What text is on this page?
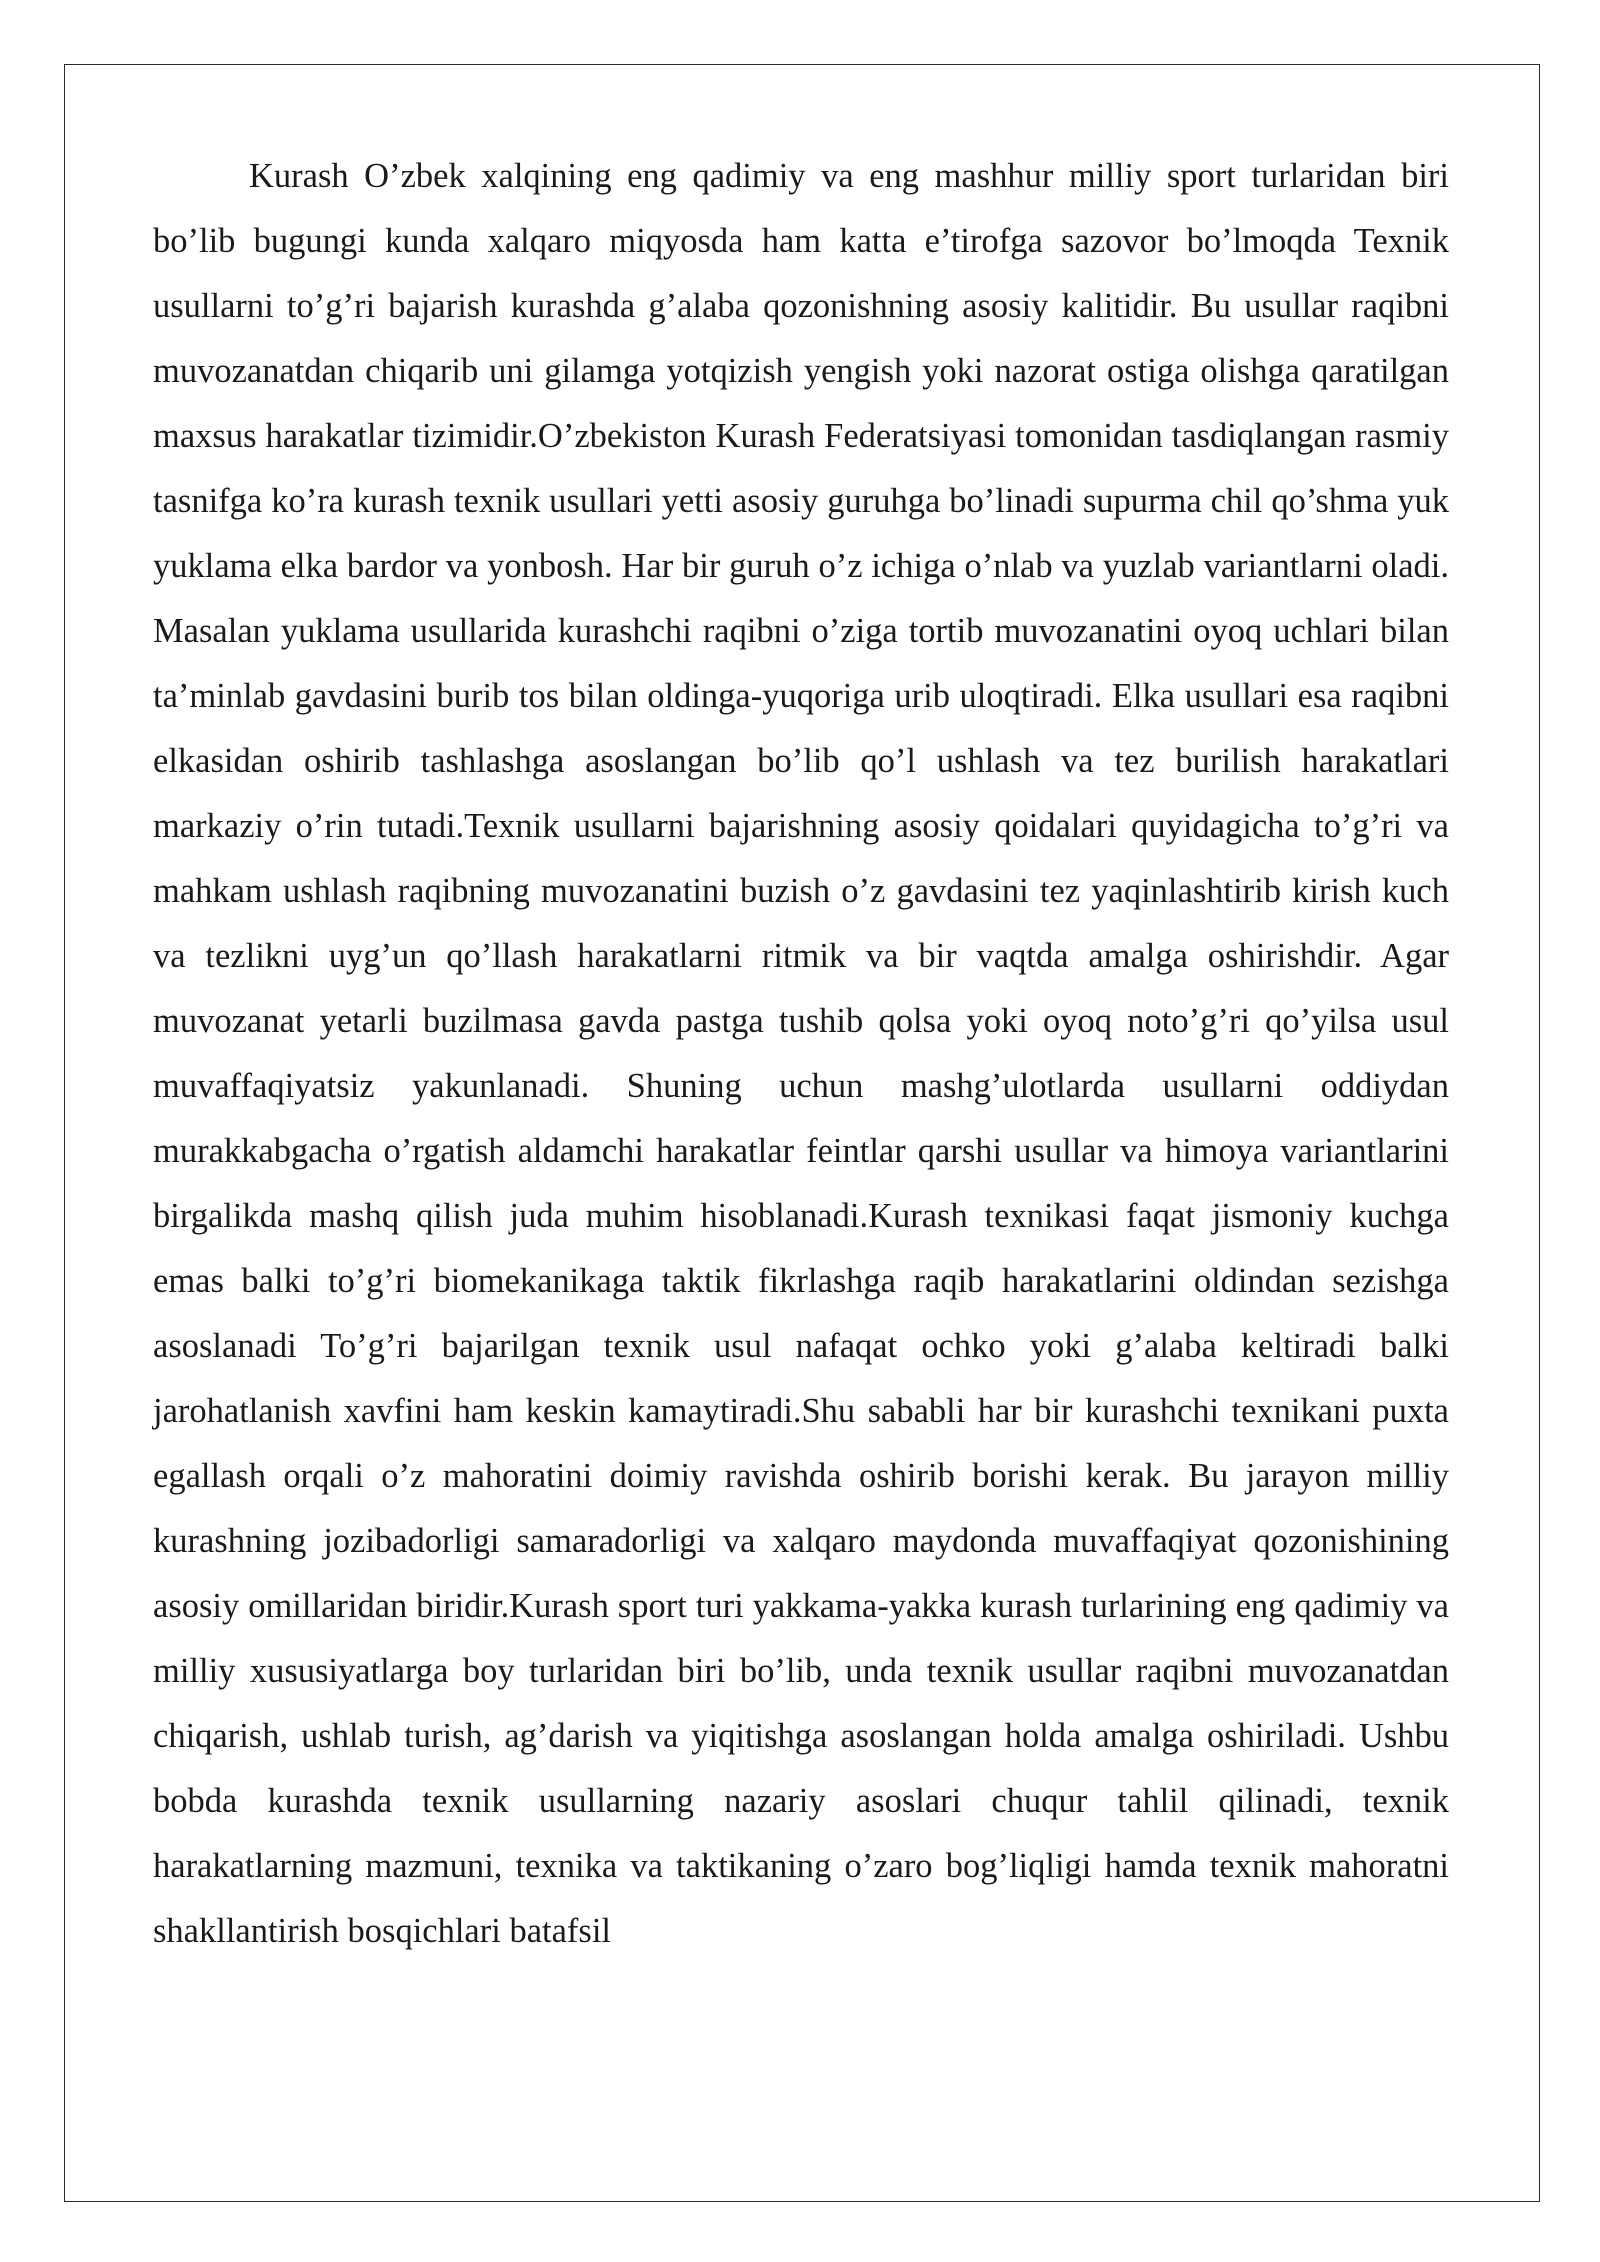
Kurash O’zbek xalqining eng qadimiy va eng mashhur milliy sport turlaridan biri bo’lib bugungi kunda xalqaro miqyosda ham katta e’tirofga sazovor bo’lmoqda Texnik usullarni to’g’ri bajarish kurashda g’alaba qozonishning asosiy kalitidir. Bu usullar raqibni muvozanatdan chiqarib uni gilamga yotqizish yengish yoki nazorat ostiga olishga qaratilgan maxsus harakatlar tizimidir.O’zbekiston Kurash Federatsiyasi tomonidan tasdiqlangan rasmiy tasnifga ko’ra kurash texnik usullari yetti asosiy guruhga bo’linadi supurma chil qo’shma yuk yuklama elka bardor va yonbosh. Har bir guruh o’z ichiga o’nlab va yuzlab variantlarni oladi. Masalan yuklama usullarida kurashchi raqibni o’ziga tortib muvozanatini oyoq uchlari bilan ta’minlab gavdasini burib tos bilan oldinga-yuqoriga urib uloqtiradi. Elka usullari esa raqibni elkasidan oshirib tashlashga asoslangan bo’lib qo’l ushlash va tez burilish harakatlari markaziy o’rin tutadi.Texnik usullarni bajarishning asosiy qoidalari quyidagicha to’g’ri va mahkam ushlash raqibning muvozanatini buzish o’z gavdasini tez yaqinlashtirib kirish kuch va tezlikni uyg’un qo’llash harakatlarni ritmik va bir vaqtda amalga oshirishdir. Agar muvozanat yetarli buzilmasa gavda pastga tushib qolsa yoki oyoq noto’g’ri qo’yilsa usul muvaffaqiyatsiz yakunlanadi. Shuning uchun mashg’ulotlarda usullarni oddiydan murakkabgacha o’rgatish aldamchi harakatlar feintlar qarshi usullar va himoya variantlarini birgalikda mashq qilish juda muhim hisoblanadi.Kurash texnikasi faqat jismoniy kuchga emas balki to’g’ri biomekanikaga taktik fikrlashga raqib harakatlarini oldindan sezishga asoslanadi To’g’ri bajarilgan texnik usul nafaqat ochko yoki g’alaba keltiradi balki jarohatlanish xavfini ham keskin kamaytiradi.Shu sababli har bir kurashchi texnikani puxta egallash orqali o’z mahoratini doimiy ravishda oshirib borishi kerak. Bu jarayon milliy kurashning jozibadorligi samaradorligi va xalqaro maydonda muvaffaqiyat qozonishining asosiy omillaridan biridir.Kurash sport turi yakkama-yakka kurash turlarining eng qadimiy va milliy xususiyatlarga boy turlaridan biri bo’lib, unda texnik usullar raqibni muvozanatdan chiqarish, ushlab turish, ag’darish va yiqitishga asoslangan holda amalga oshiriladi. Ushbu bobda kurashda texnik usullarning nazariy asoslari chuqur tahlil qilinadi, texnik harakatlarning mazmuni, texnika va taktikaning o’zaro bog’liqligi hamda texnik mahoratni shakllantirish bosqichlari batafsil
